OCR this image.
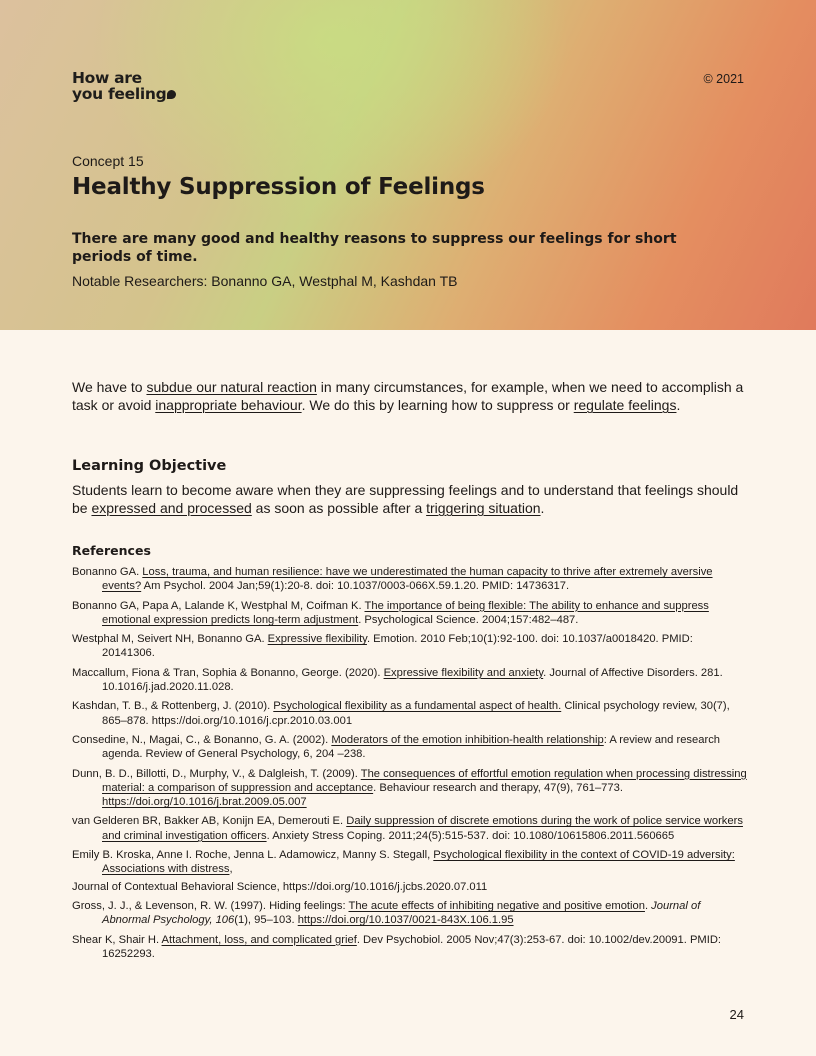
How are
you feeling
© 2021
Concept 15
Healthy Suppression of Feelings

There are many good and healthy reasons to suppress our feelings for short periods of time.

Notable Researchers: Bonanno GA, Westphal M, Kashdan TB

We have to subdue our natural reaction in many circumstances, for example, when we need to accomplish a task or avoid inappropriate behaviour. We do this by learning how to suppress or regulate feelings.

Learning Objective

Students learn to become aware when they are suppressing feelings and to understand that feelings should be expressed and processed as soon as possible after a triggering situation.

References

Bonanno GA. Loss, trauma, and human resilience: have we underestimated the human capacity to thrive after extremely aversive events? Am Psychol. 2004 Jan;59(1):20-8. doi: 10.1037/0003-066X.59.1.20. PMID: 14736317.

Bonanno GA, Papa A, Lalande K, Westphal M, Coifman K. The importance of being flexible: The ability to enhance and suppress emotional expression predicts long-term adjustment. Psychological Science. 2004;157:482–487.

Westphal M, Seivert NH, Bonanno GA. Expressive flexibility. Emotion. 2010 Feb;10(1):92-100. doi: 10.1037/a0018420. PMID: 20141306.

Maccallum, Fiona & Tran, Sophia & Bonanno, George. (2020). Expressive flexibility and anxiety. Journal of Affective Disorders. 281. 10.1016/j.jad.2020.11.028.

Kashdan, T. B., & Rottenberg, J. (2010). Psychological flexibility as a fundamental aspect of health. Clinical psychology review, 30(7), 865–878. https://doi.org/10.1016/j.cpr.2010.03.001

Consedine, N., Magai, C., & Bonanno, G. A. (2002). Moderators of the emotion inhibition-health relationship: A review and research agenda. Review of General Psychology, 6, 204 –238.

Dunn, B. D., Billotti, D., Murphy, V., & Dalgleish, T. (2009). The consequences of effortful emotion regulation when processing distressing material: a comparison of suppression and acceptance. Behaviour research and therapy, 47(9), 761–773. https://doi.org/10.1016/j.brat.2009.05.007

van Gelderen BR, Bakker AB, Konijn EA, Demerouti E. Daily suppression of discrete emotions during the work of police service workers and criminal investigation officers. Anxiety Stress Coping. 2011;24(5):515-537. doi: 10.1080/10615806.2011.560665

Emily B. Kroska, Anne I. Roche, Jenna L. Adamowicz, Manny S. Stegall, Psychological flexibility in the context of COVID-19 adversity: Associations with distress,

Journal of Contextual Behavioral Science, https://doi.org/10.1016/j.jcbs.2020.07.011

Gross, J. J., & Levenson, R. W. (1997). Hiding feelings: The acute effects of inhibiting negative and positive emotion. Journal of Abnormal Psychology, 106(1), 95–103. https://doi.org/10.1037/0021-843X.106.1.95

Shear K, Shair H. Attachment, loss, and complicated grief. Dev Psychobiol. 2005 Nov;47(3):253-67. doi: 10.1002/dev.20091. PMID: 16252293.

24
